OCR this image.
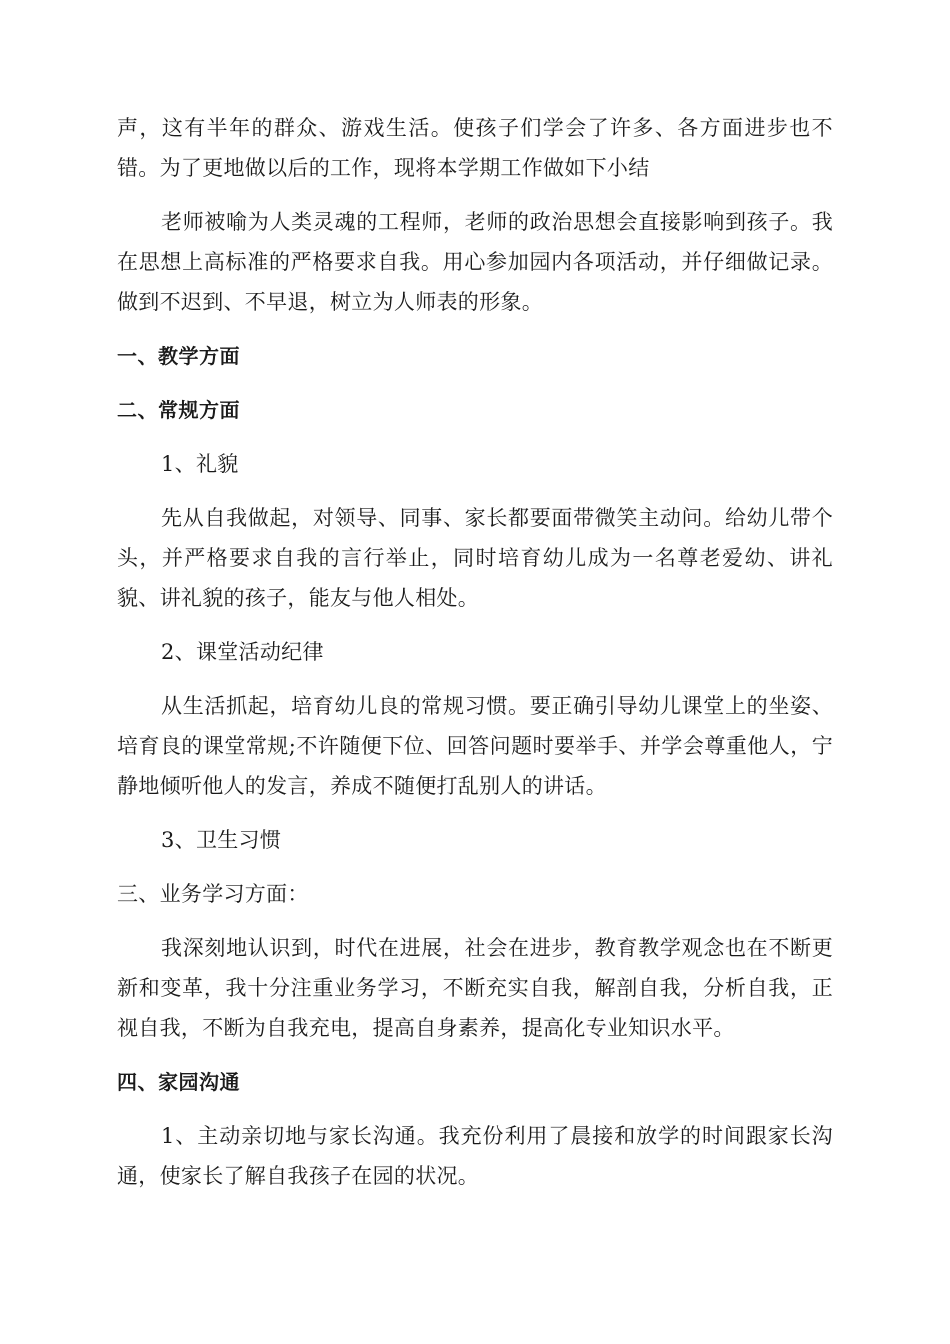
声，这有半年的群众、游戏生活。使孩子们学会了许多、各方面进步也不错。为了更地做以后的工作，现将本学期工作做如下小结

老师被喻为人类灵魂的工程师，老师的政治思想会直接影响到孩子。我在思想上高标准的严格要求自我。用心参加园内各项活动，并仔细做记录。做到不迟到、不早退，树立为人师表的形象。

一、教学方面

二、常规方面

1、礼貌

先从自我做起，对领导、同事、家长都要面带微笑主动问。给幼儿带个头，并严格要求自我的言行举止，同时培育幼儿成为一名尊老爱幼、讲礼貌、讲礼貌的孩子，能友与他人相处。

2、课堂活动纪律

从生活抓起，培育幼儿良的常规习惯。要正确引导幼儿课堂上的坐姿、培育良的课堂常规;不许随便下位、回答问题时要举手、并学会尊重他人，宁静地倾听他人的发言，养成不随便打乱别人的讲话。

3、卫生习惯

三、业务学习方面：

我深刻地认识到，时代在进展，社会在进步，教育教学观念也在不断更新和变革，我十分注重业务学习，不断充实自我，解剖自我，分析自我，正视自我，不断为自我充电，提高自身素养，提高化专业知识水平。

四、家园沟通

1、主动亲切地与家长沟通。我充份利用了晨接和放学的时间跟家长沟通，使家长了解自我孩子在园的状况。
